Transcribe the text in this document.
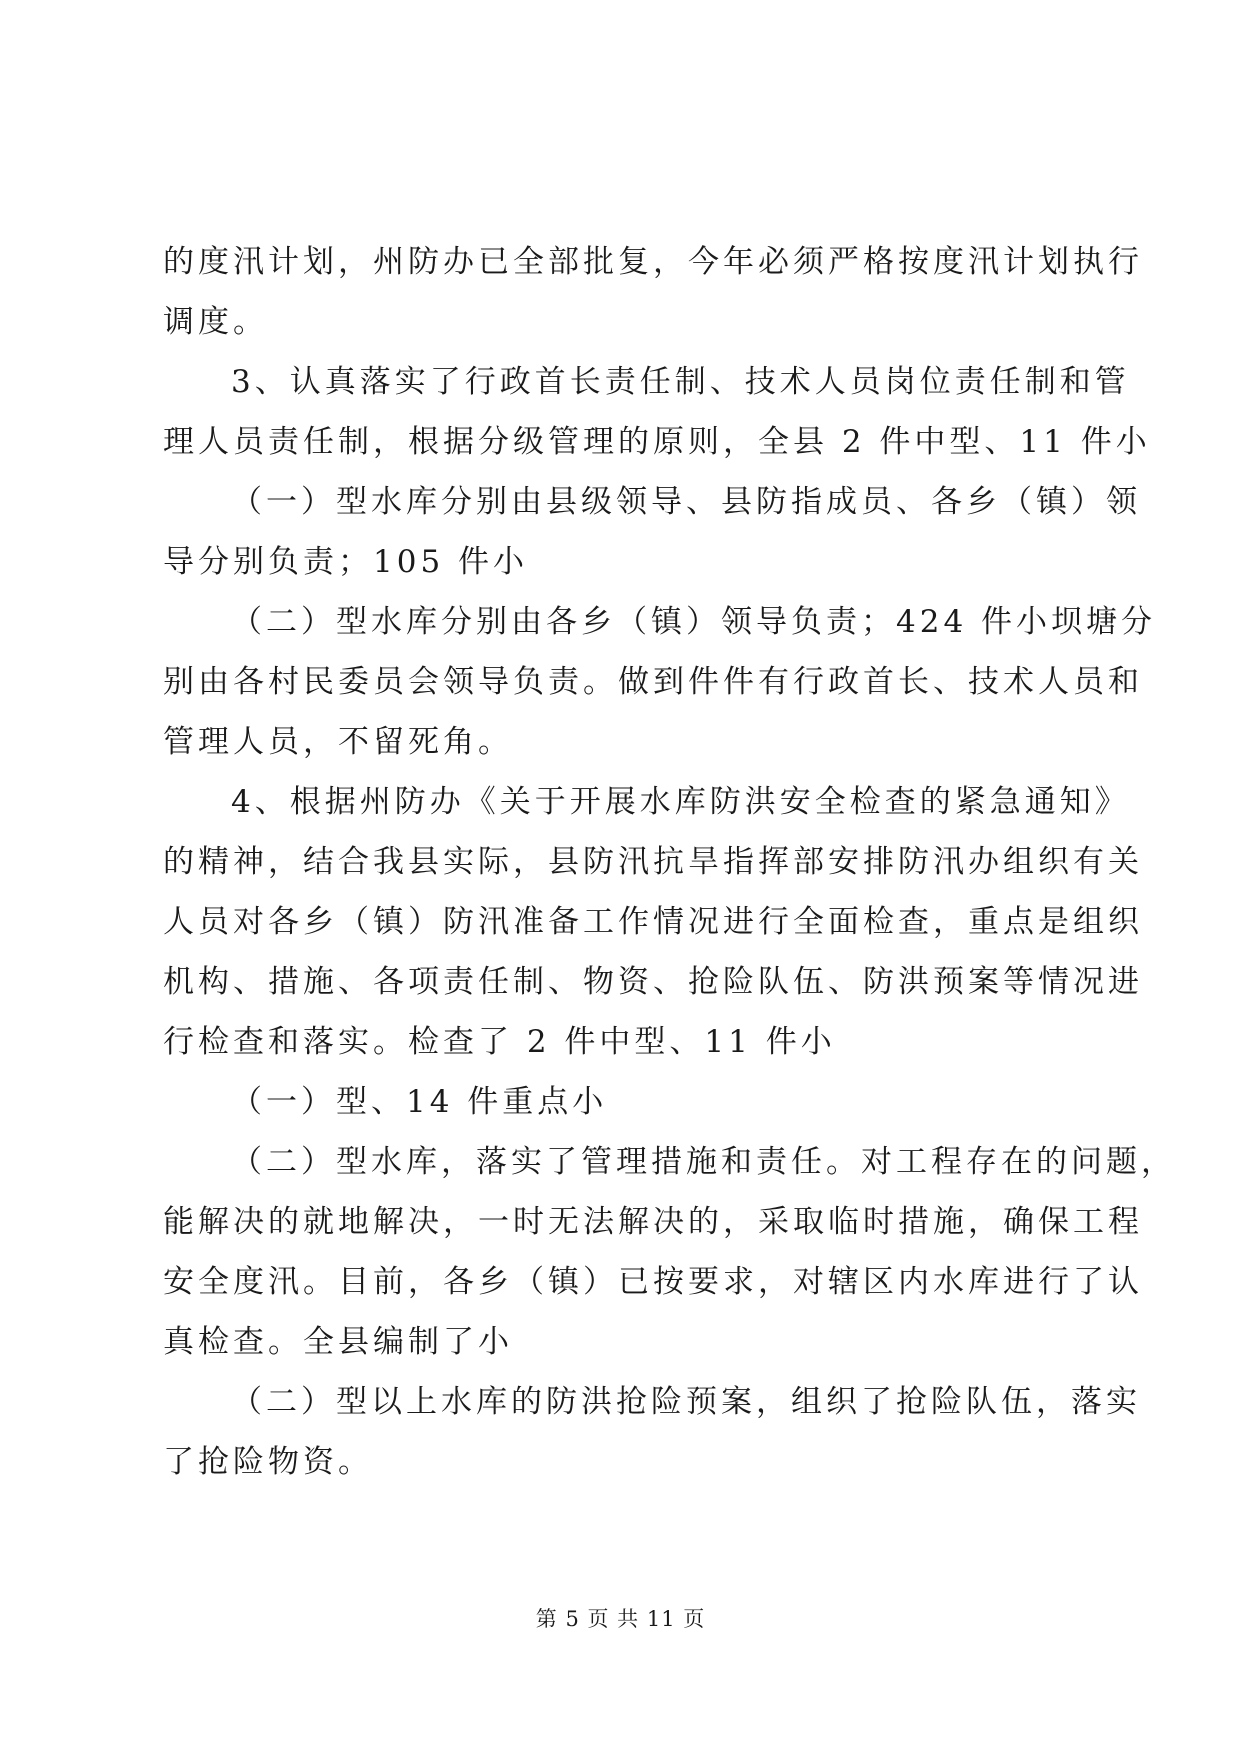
的度汛计划，州防办已全部批复，今年必须严格按度汛计划执行
调度。
3、认真落实了行政首长责任制、技术人员岗位责任制和管
理人员责任制，根据分级管理的原则，全县 2 件中型、11 件小
（一）型水库分别由县级领导、县防指成员、各乡（镇）领
导分别负责；105 件小
（二）型水库分别由各乡（镇）领导负责；424 件小坝塘分
别由各村民委员会领导负责。做到件件有行政首长、技术人员和
管理人员，不留死角。
4、根据州防办《关于开展水库防洪安全检查的紧急通知》
的精神，结合我县实际，县防汛抗旱指挥部安排防汛办组织有关
人员对各乡（镇）防汛准备工作情况进行全面检查，重点是组织
机构、措施、各项责任制、物资、抢险队伍、防洪预案等情况进
行检查和落实。检查了 2 件中型、11 件小
（一）型、14 件重点小
（二）型水库，落实了管理措施和责任。对工程存在的问题，
能解决的就地解决，一时无法解决的，采取临时措施，确保工程
安全度汛。目前，各乡（镇）已按要求，对辖区内水库进行了认
真检查。全县编制了小
（二）型以上水库的防洪抢险预案，组织了抢险队伍，落实
了抢险物资。
第 5 页 共 11 页
